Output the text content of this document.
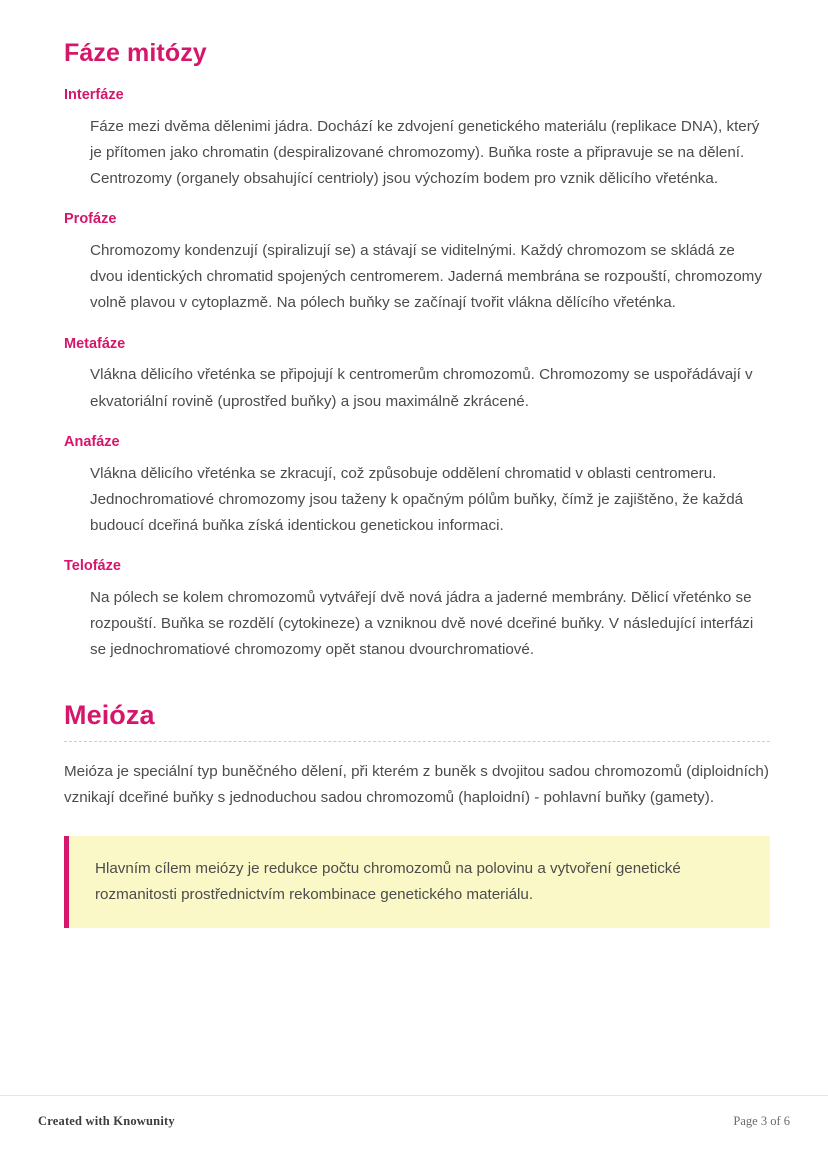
Fáze mitózy
Interfáze

Fáze mezi dvěma dělenimi jádra. Dochází ke zdvojení genetického materiálu (replikace DNA), který je přítomen jako chromatin (despiralizované chromozomy). Buňka roste a připravuje se na dělení. Centrozomy (organely obsahující centrioly) jsou výchozím bodem pro vznik dělicího vřeténka.

Profáze

Chromozomy kondenzují (spiralizují se) a stávají se viditelnými. Každý chromozom se skládá ze dvou identických chromatid spojených centromerem. Jaderná membrána se rozpouští, chromozomy volně plavou v cytoplazmě. Na pólech buňky se začínají tvořit vlákna dělícího vřeténka.

Metafáze

Vlákna dělicího vřeténka se připojují k centromerům chromozomů. Chromozomy se uspořádávají v ekvatoriální rovině (uprostřed buňky) a jsou maximálně zkrácené.

Anafáze

Vlákna dělicího vřeténka se zkracují, což způsobuje oddělení chromatid v oblasti centromeru. Jednochromatiové chromozomy jsou taženy k opačným pólům buňky, čímž je zajištěno, že každá budoucí dceřiná buňka získá identickou genetickou informaci.

Telofáze

Na pólech se kolem chromozomů vytvářejí dvě nová jádra a jaderné membrány. Dělicí vřeténko se rozpouští. Buňka se rozdělí (cytokineze) a vzniknou dvě nové dceřiné buňky. V následující interfázi se jednochromatiové chromozomy opět stanou dvourchromatiové.

Meióza

Meióza je speciální typ buněčného dělení, při kterém z buněk s dvojitou sadou chromozomů (diploidních) vznikají dceřiné buňky s jednoduchou sadou chromozomů (haploidní) - pohlavní buňky (gamety).

Hlavním cílem meiózy je redukce počtu chromozomů na polovinu a vytvoření genetické rozmanitosti prostřednictvím rekombinace genetického materiálu.

Created with Knowunity	Page 3 of 6
